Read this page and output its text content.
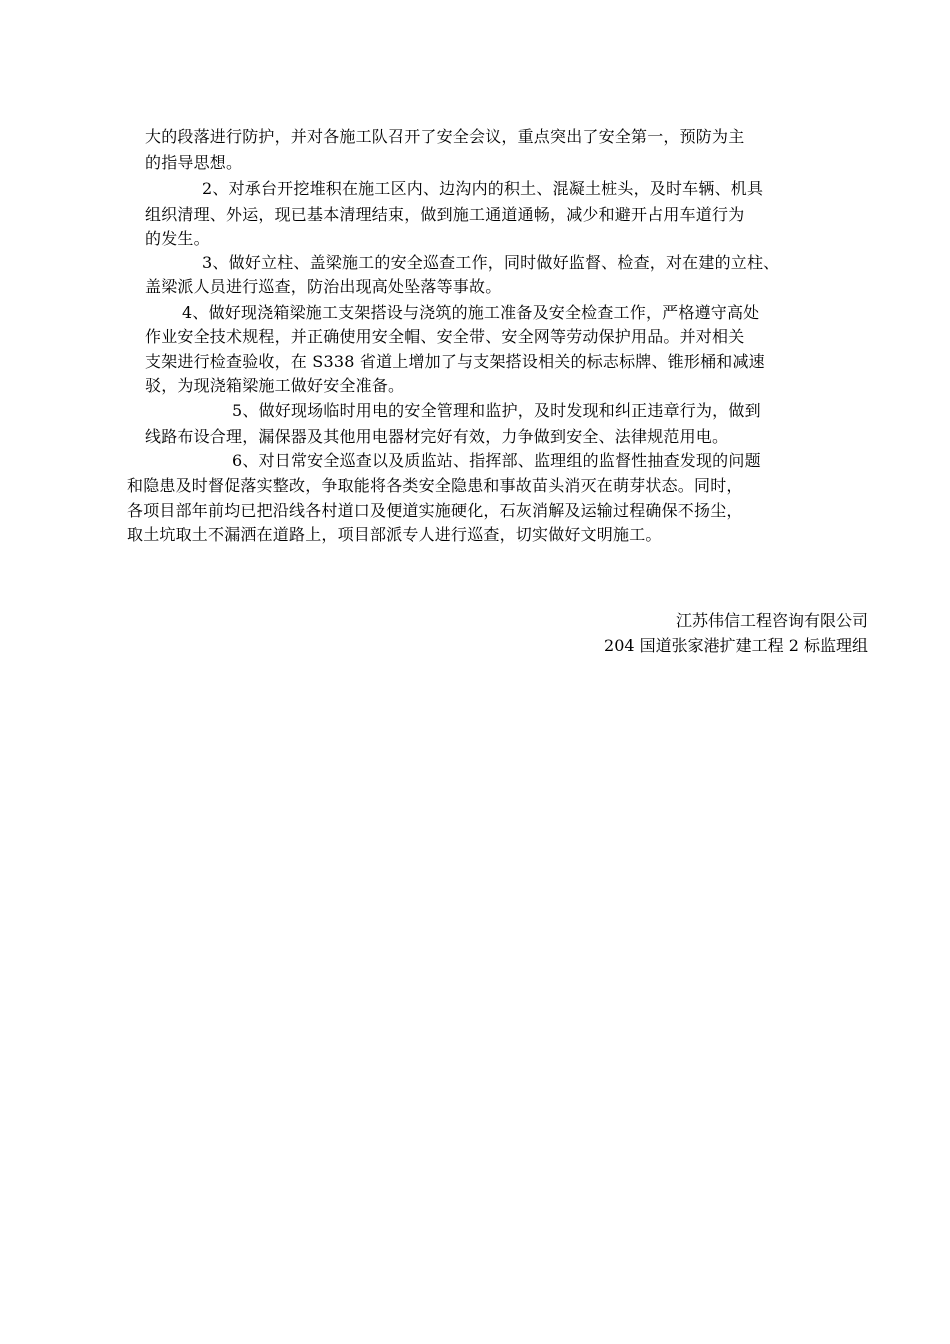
大的段落进行防护，并对各施工队召开了安全会议，重点突出了安全第一，预防为主
的指导思想。
2、对承台开挖堆积在施工区内、边沟内的积土、混凝土桩头，及时车辆、机具
组织清理、外运，现已基本清理结束，做到施工通道通畅，减少和避开占用车道行为
的发生。
3、做好立柱、盖梁施工的安全巡查工作，同时做好监督、检查，对在建的立柱、
盖梁派人员进行巡查，防治出现高处坠落等事故。
4、做好现浇箱梁施工支架搭设与浇筑的施工准备及安全检查工作，严格遵守高处
作业安全技术规程，并正确使用安全帽、安全带、安全网等劳动保护用品。并对相关
支架进行检查验收，在 S338 省道上增加了与支架搭设相关的标志标牌、锥形桶和减速
驳，为现浇箱梁施工做好安全准备。
5、做好现场临时用电的安全管理和监护，及时发现和纠正违章行为，做到
线路布设合理，漏保器及其他用电器材完好有效，力争做到安全、法律规范用电。
6、对日常安全巡查以及质监站、指挥部、监理组的监督性抽查发现的问题
和隐患及时督促落实整改，争取能将各类安全隐患和事故苗头消灭在萌芽状态。同时，
各项目部年前均已把沿线各村道口及便道实施硬化，石灰消解及运输过程确保不扬尘，
取土坑取土不漏洒在道路上，项目部派专人进行巡查，切实做好文明施工。
江苏伟信工程咨询有限公司
204 国道张家港扩建工程 2 标监理组
